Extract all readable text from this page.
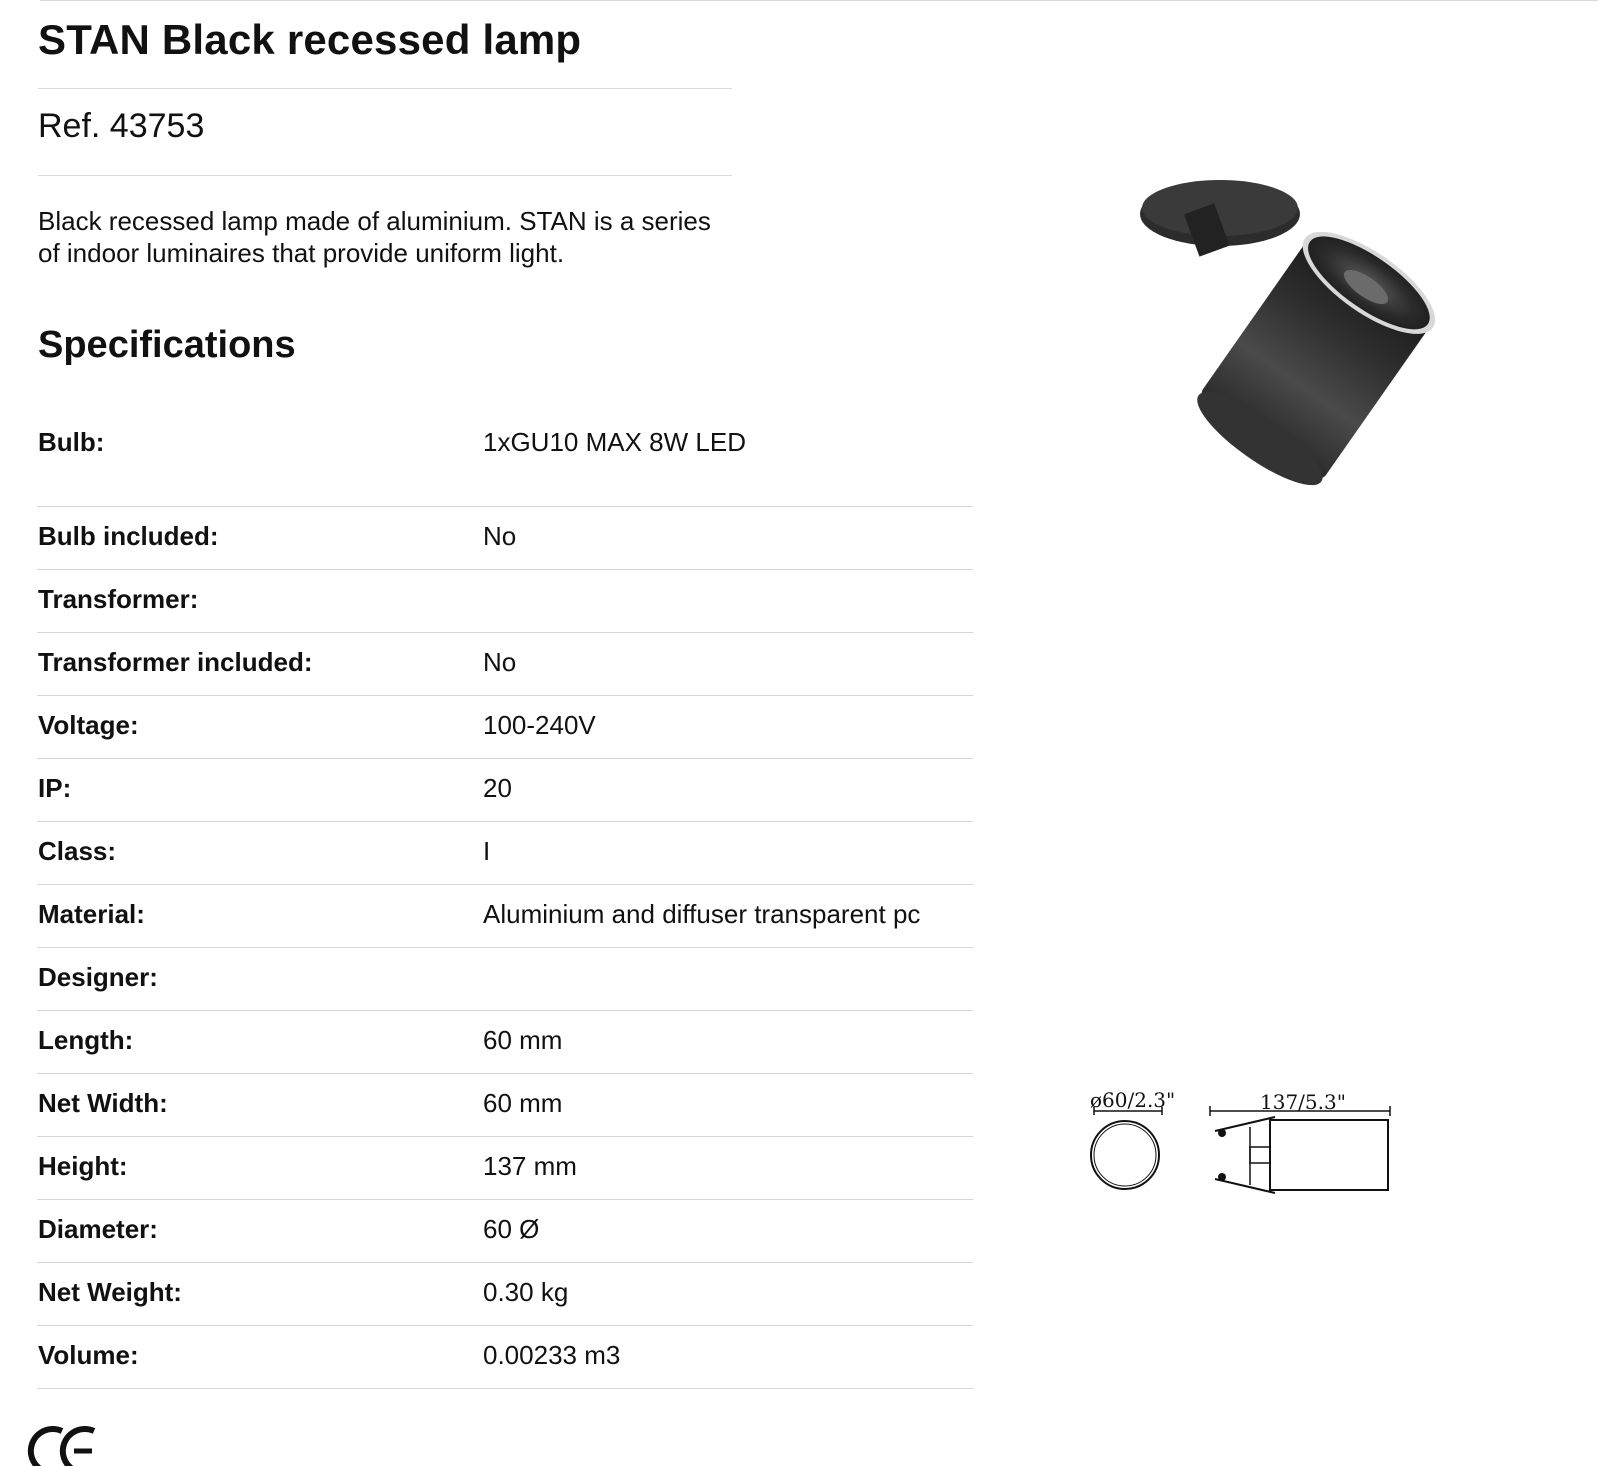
STAN Black recessed lamp
Ref. 43753
Black recessed lamp made of aluminium. STAN is a series of indoor luminaires that provide uniform light.
Specifications
Bulb:	1xGU10 MAX 8W LED
Bulb included:	No
Transformer:
Transformer included:	No
Voltage:	100-240V
IP:	20
Class:	I
Material:	Aluminium and diffuser transparent pc
Designer:
Length:	60 mm
Net Width:	60 mm
Height:	137 mm
Diameter:	60 Ø
Net Weight:	0.30 kg
Volume:	0.00233 m3
ø60/2.3"	137/5.3"
